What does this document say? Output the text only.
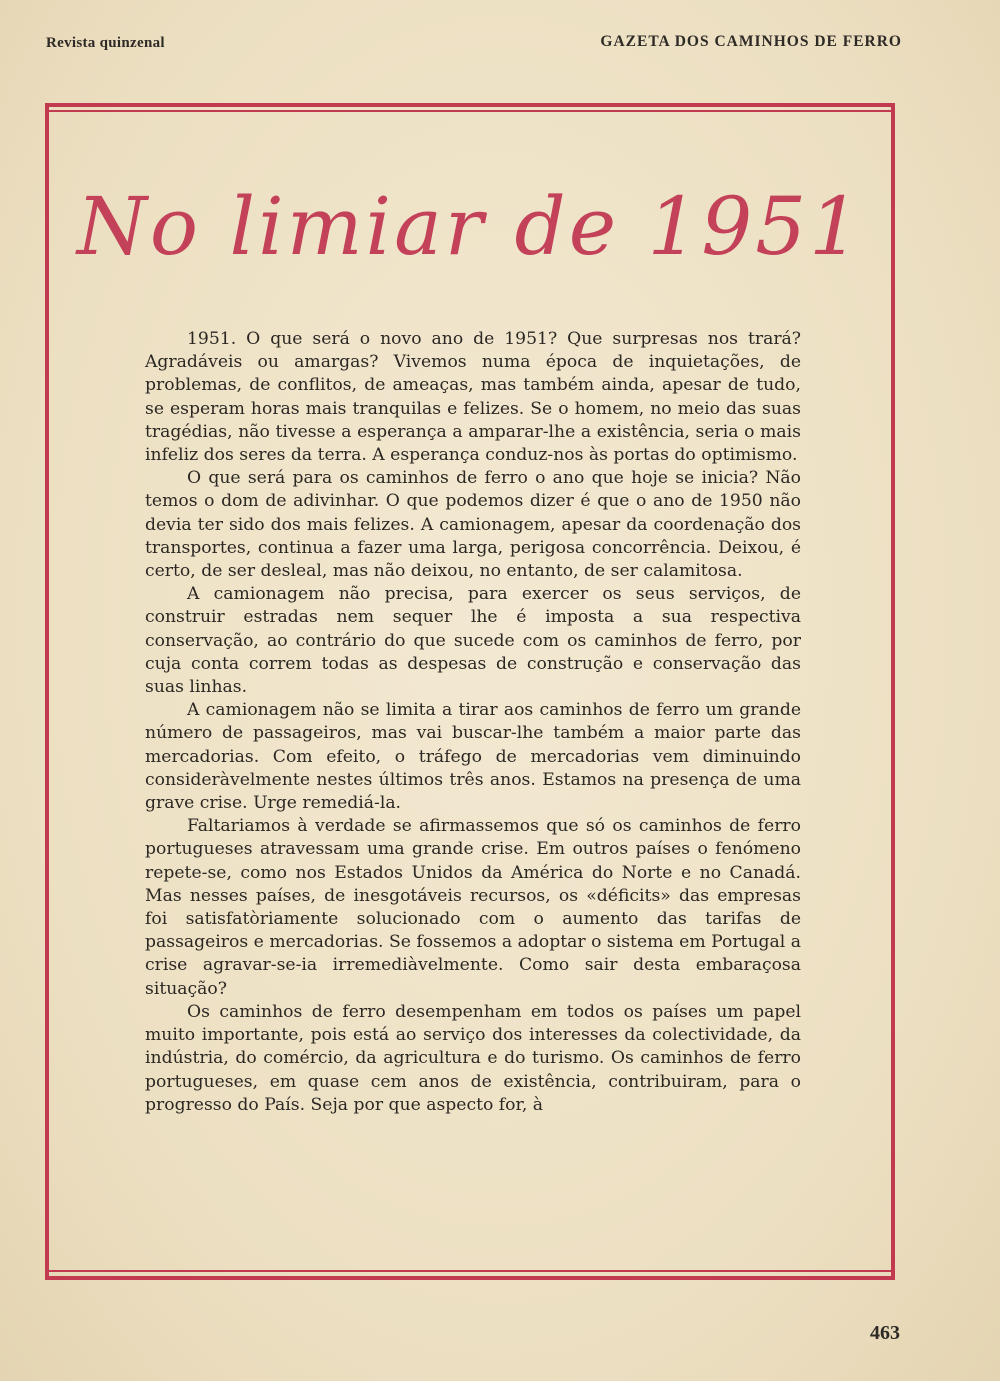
Revista quinzenal	GAZETA DOS CAMINHOS DE FERRO
No limiar de 1951

1951. O que será o novo ano de 1951? Que surpresas nos trará? Agradáveis ou amargas? Vivemos numa época de inquietações, de problemas, de conflitos, de ameaças, mas também ainda, apesar de tudo, se esperam horas mais tranquilas e felizes. Se o homem, no meio das suas tragédias, não tivesse a esperança a amparar-lhe a existência, seria o mais infeliz dos seres da terra. A esperança conduz-nos às portas do optimismo.

O que será para os caminhos de ferro o ano que hoje se inicia? Não temos o dom de adivinhar. O que podemos dizer é que o ano de 1950 não devia ter sido dos mais felizes. A camionagem, apesar da coordenação dos transportes, continua a fazer uma larga, perigosa concorrência. Deixou, é certo, de ser desleal, mas não deixou, no entanto, de ser calamitosa.

A camionagem não precisa, para exercer os seus serviços, de construir estradas nem sequer lhe é imposta a sua respectiva conservação, ao contrário do que sucede com os caminhos de ferro, por cuja conta correm todas as despesas de construção e conservação das suas linhas.

A camionagem não se limita a tirar aos caminhos de ferro um grande número de passageiros, mas vai buscar-lhe também a maior parte das mercadorias. Com efeito, o tráfego de mercadorias vem diminuindo consideràvelmente nestes últimos três anos. Estamos na presença de uma grave crise. Urge remediá-la.

Faltariamos à verdade se afirmassemos que só os caminhos de ferro portugueses atravessam uma grande crise. Em outros países o fenómeno repete-se, como nos Estados Unidos da América do Norte e no Canadá. Mas nesses países, de inesgotáveis recursos, os «déficits» das empresas foi satisfatòriamente solucionado com o aumento das tarifas de passageiros e mercadorias. Se fossemos a adoptar o sistema em Portugal a crise agravar-se-ia irremediàvelmente. Como sair desta embaraçosa situação?

Os caminhos de ferro desempenham em todos os países um papel muito importante, pois está ao serviço dos interesses da colectividade, da indústria, do comércio, da agricultura e do turismo. Os caminhos de ferro portugueses, em quase cem anos de existência, contribuiram, para o progresso do País. Seja por que aspecto for, à

463
